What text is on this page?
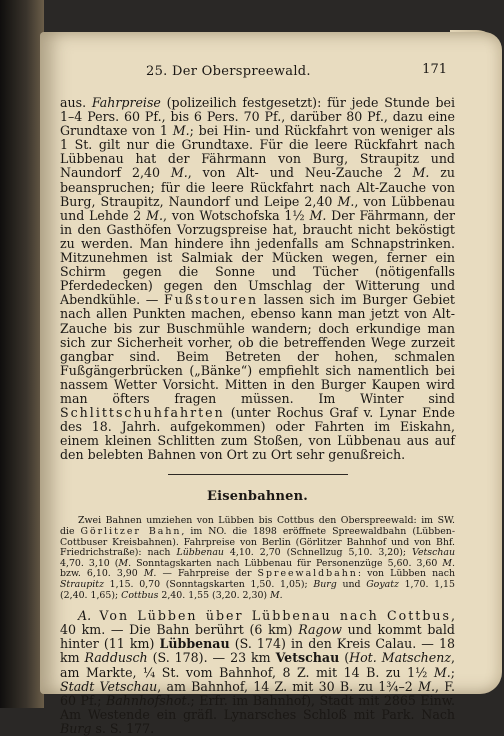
25. Der Oberspreewald.	171

aus. Fahrpreise (polizeilich festgesetzt): für jede Stunde bei 1–4 Pers. 60 Pf., bis 6 Pers. 70 Pf., darüber 80 Pf., dazu eine Grundtaxe von 1 M.; bei Hin- und Rückfahrt von weniger als 1 St. gilt nur die Grundtaxe. Für die leere Rückfahrt nach Lübbenau hat der Fährmann von Burg, Straupitz und Naundorf 2,40 M., von Alt- und Neu-Zauche 2 M. zu beanspruchen; für die leere Rückfahrt nach Alt-Zauche von Burg, Straupitz, Naundorf und Leipe 2,40 M., von Lübbenau und Lehde 2 M., von Wotschofska 1½ M. Der Fährmann, der in den Gasthöfen Vorzugspreise hat, braucht nicht beköstigt zu werden. Man hindere ihn jedenfalls am Schnapstrinken. Mitzunehmen ist Salmiak der Mücken wegen, ferner ein Schirm gegen die Sonne und Tücher (nötigenfalls Pferdedecken) gegen den Umschlag der Witterung und Abendkühle. — Fußstouren lassen sich im Burger Gebiet nach allen Punkten machen, ebenso kann man jetzt von Alt-Zauche bis zur Buschmühle wandern; doch erkundige man sich zur Sicherheit vorher, ob die betreffenden Wege zurzeit gangbar sind. Beim Betreten der hohen, schmalen Fußgängerbrücken („Bänke“) empfiehlt sich namentlich bei nassem Wetter Vorsicht. Mitten in den Burger Kaupen wird man öfters fragen müssen. Im Winter sind Schlittschuhfahrten (unter Rochus Graf v. Lynar Ende des 18. Jahrh. aufgekommen) oder Fahrten im Eiskahn, einem kleinen Schlitten zum Stoßen, von Lübbenau aus auf den belebten Bahnen von Ort zu Ort sehr genußreich.

Eisenbahnen.

Zwei Bahnen umziehen von Lübben bis Cottbus den Oberspreewald: im SW. die Görlitzer Bahn, im NO. die 1898 eröffnete Spreewaldbahn (Lübben-Cottbuser Kreisbahnen). Fahrpreise von Berlin (Görlitzer Bahnhof und von Bhf. Friedrichstraße): nach Lübbenau 4,10. 2,70 (Schnellzug 5,10. 3,20); Vetschau 4,70. 3,10 (M. Sonntagskarten nach Lübbenau für Personenzüge 5,60. 3,60 M. bzw. 6,10. 3,90 M. — Fahrpreise der Spreewaldbahn: von Lübben nach Straupitz 1,15. 0,70 (Sonntagskarten 1,50. 1,05); Burg und Goyatz 1,70. 1,15 (2,40. 1,65); Cottbus 2,40. 1,55 (3,20. 2,30) M.

A. Von Lübben über Lübbenau nach Cottbus, 40 km. — Die Bahn berührt (6 km) Ragow und kommt bald hinter (11 km) Lübbenau (S. 174) in den Kreis Calau. — 18 km Raddusch (S. 178). — 23 km Vetschau (Hot. Matschenz, am Markte, ¼ St. vom Bahnhof, 8 Z. mit 14 B. zu 1½ M.; Stadt Vetschau, am Bahnhof, 14 Z. mit 30 B. zu 1¾–2 M., F. 60 Pf.; Bahnhofshot.; Erfr. im Bahnhof), Stadt mit 2865 Einw. Am Westende ein gräfl. Lynarsches Schloß mit Park. Nach Burg s. S. 177.
